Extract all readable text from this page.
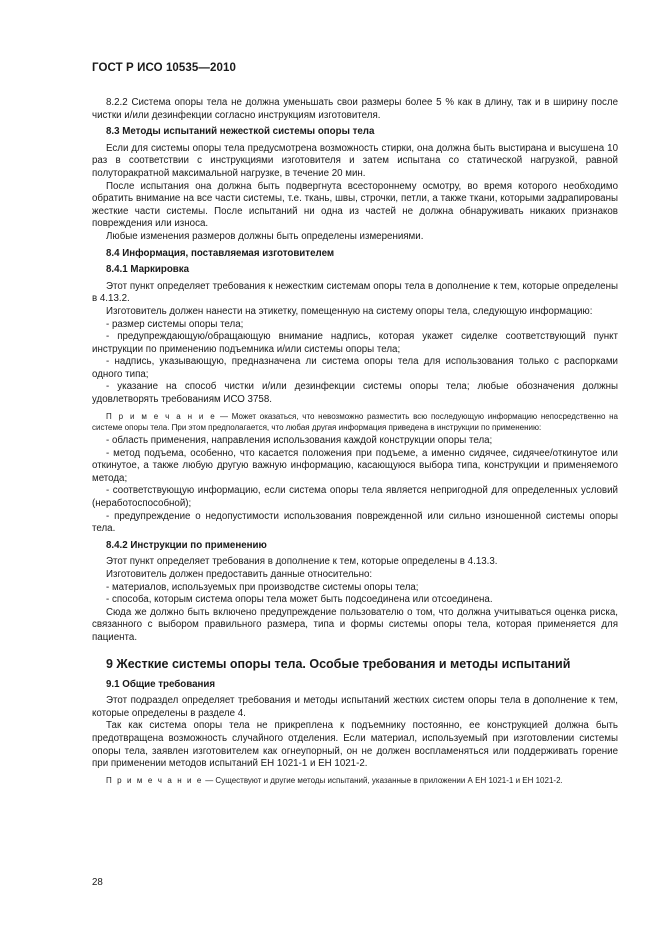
ГОСТ Р ИСО 10535—2010

8.2.2 Система опоры тела не должна уменьшать свои размеры более 5 % как в длину, так и в ширину после чистки и/или дезинфекции согласно инструкциям изготовителя.

8.3 Методы испытаний нежесткой системы опоры тела

Если для системы опоры тела предусмотрена возможность стирки, она должна быть выстирана и высушена 10 раз в соответствии с инструкциями изготовителя и затем испытана со статической нагрузкой, равной полуторакратной максимальной нагрузке, в течение 20 мин.

После испытания она должна быть подвергнута всестороннему осмотру, во время которого необходимо обратить внимание на все части системы, т.е. ткань, швы, строчки, петли, а также ткани, которыми задрапированы жесткие части системы. После испытаний ни одна из частей не должна обнаруживать никаких признаков повреждения или износа.

Любые изменения размеров должны быть определены измерениями.

8.4 Информация, поставляемая изготовителем
8.4.1 Маркировка

Этот пункт определяет требования к нежестким системам опоры тела в дополнение к тем, которые определены в 4.13.2.

Изготовитель должен нанести на этикетку, помещенную на систему опоры тела, следующую информацию:

- размер системы опоры тела;

- предупреждающую/обращающую внимание надпись, которая укажет сиделке соответствующий пункт инструкции по применению подъемника и/или системы опоры тела;

- надпись, указывающую, предназначена ли система опоры тела для использования только с распорками одного типа;

- указание на способ чистки и/или дезинфекции системы опоры тела; любые обозначения должны удовлетворять требованиям ИСО 3758.

П р и м е ч а н и е — Может оказаться, что невозможно разместить всю последующую информацию непосредственно на системе опоры тела. При этом предполагается, что любая другая информация приведена в инструкции по применению:

- область применения, направления использования каждой конструкции опоры тела;

- метод подъема, особенно, что касается положения при подъеме, а именно сидячее, сидячее/откинутое или откинутое, а также любую другую важную информацию, касающуюся выбора типа, конструкции и применяемого метода;

- соответствующую информацию, если система опоры тела является непригодной для определенных условий (неработоспособной);

- предупреждение о недопустимости использования поврежденной или сильно изношенной системы опоры тела.

8.4.2 Инструкции по применению

Этот пункт определяет требования в дополнение к тем, которые определены в 4.13.3.

Изготовитель должен предоставить данные относительно:

- материалов, используемых при производстве системы опоры тела;

- способа, которым система опоры тела может быть подсоединена или отсоединена.

Сюда же должно быть включено предупреждение пользователю о том, что должна учитываться оценка риска, связанного с выбором правильного размера, типа и формы системы опоры тела, которая применяется для пациента.

9 Жесткие системы опоры тела. Особые требования и методы испытаний
9.1 Общие требования

Этот подраздел определяет требования и методы испытаний жестких систем опоры тела в дополнение к тем, которые определены в разделе 4.

Так как система опоры тела не прикреплена к подъемнику постоянно, ее конструкцией должна быть предотвращена возможность случайного отделения. Если материал, используемый при изготовлении системы опоры тела, заявлен изготовителем как огнеупорный, он не должен воспламеняться или поддерживать горение при применении методов испытаний ЕН 1021-1 и ЕН 1021-2.

П р и м е ч а н и е — Существуют и другие методы испытаний, указанные в приложении А ЕН 1021-1 и ЕН 1021-2.
28
